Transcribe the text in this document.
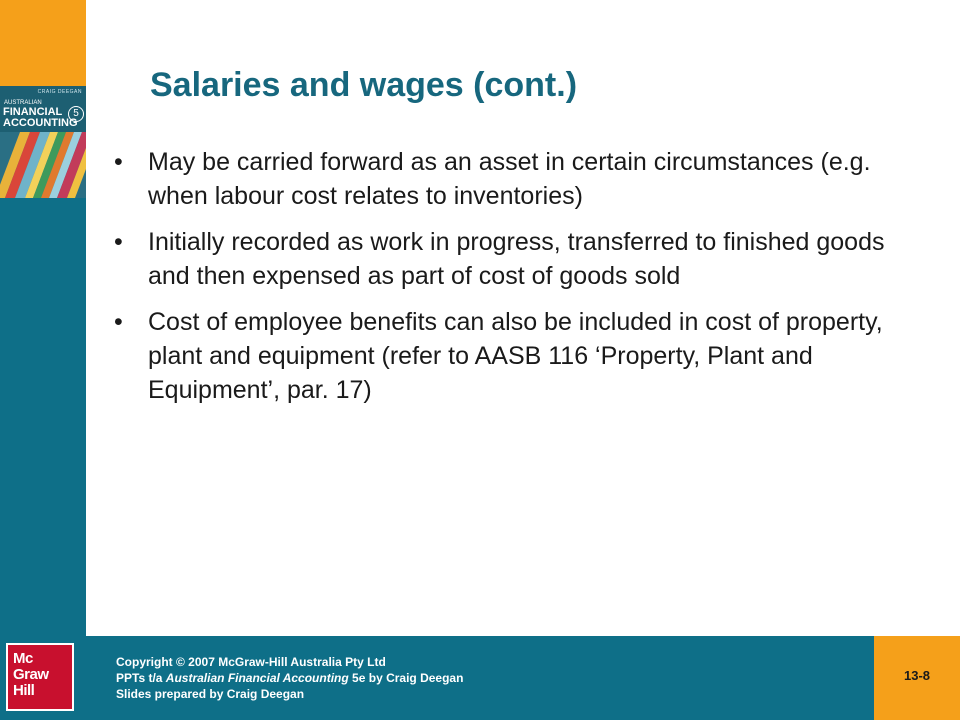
CRAIG DEEGAN
AUSTRALIAN
FINANCIAL
ACCOUNTING
5
Salaries and wages (cont.)
• May be carried forward as an asset in certain circumstances (e.g. when labour cost relates to inventories)
• Initially recorded as work in progress, transferred to finished goods and then expensed as part of cost of goods sold
• Cost of employee benefits can also be included in cost of property, plant and equipment (refer to AASB 116 ‘Property, Plant and Equipment’, par. 17)
Copyright © 2007 McGraw-Hill Australia Pty Ltd
PPTs t/a Australian Financial Accounting 5e by Craig Deegan
Slides prepared by Craig Deegan
13-8
Mc
Graw
Hill
